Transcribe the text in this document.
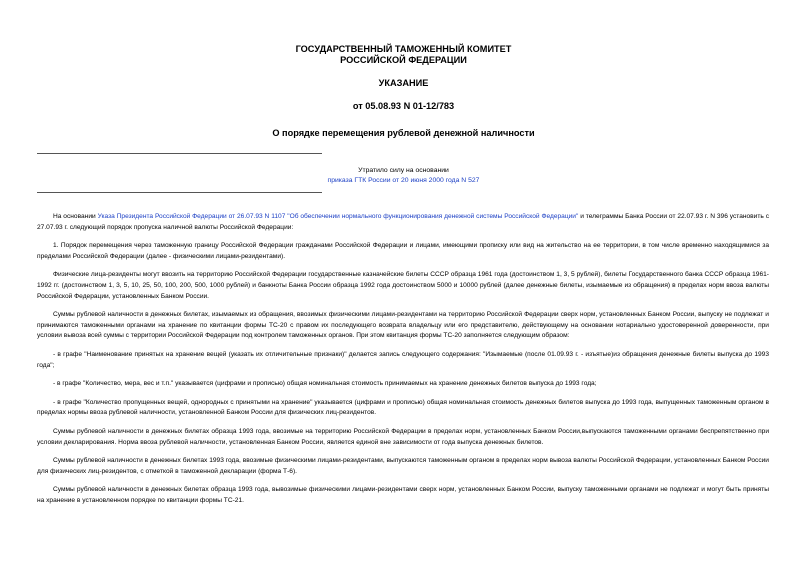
ГОСУДАРСТВЕННЫЙ ТАМОЖЕННЫЙ КОМИТЕТ
РОССИЙСКОЙ ФЕДЕРАЦИИ
УКАЗАНИЕ
от 05.08.93 N 01-12/783
О порядке перемещения рублевой денежной наличности
Утратило силу на основании
приказа ГТК России от 20 июня 2000 года N 527

На основании Указа Президента Российской Федерации от 26.07.93 N 1107 "Об обеспечении нормального функционирования денежной системы Российской Федерации" и телеграммы Банка России от 22.07.93 г. N 396 установить с 27.07.93 г. следующий порядок пропуска наличной валюты Российской Федерации:

1. Порядок перемещения через таможенную границу Российской Федерации гражданами Российской Федерации и лицами, имеющими прописку или вид на жительство на ее территории, в том числе временно находящимися за пределами Российской Федерации (далее - физическими лицами-резидентами).

Физические лица-резиденты могут ввозить на территорию Российской Федерации государственные казначейские билеты СССР образца 1961 года (достоинством 1, 3, 5 рублей), билеты Государственного банка СССР образца 1961-1992 гг. (достоинством 1, 3, 5, 10, 25, 50, 100, 200, 500, 1000 рублей) и банкноты Банка России образца 1992 года достоинством 5000 и 10000 рублей (далее денежные билеты, изымаемые из обращения) в пределах норм ввоза валюты Российской Федерации, установленных Банком России.

Суммы рублевой наличности в денежных билетах, изымаемых из обращения, ввозимых физическими лицами-резидентами на территорию Российской Федерации сверх норм, установленных Банком России, выпуску не подлежат и принимаются таможенными органами на хранение по квитанции формы ТС-20 с правом их последующего возврата владельцу или его представителю, действующему на основании нотариально удостоверенной доверенности, при условии вывоза всей суммы с территории Российской Федерации под контролем таможенных органов. При этом квитанция формы ТС-20 заполняется следующим образом:

- в графе "Наименование принятых на хранение вещей (указать их отличительные признаки)" делается запись следующего содержания: "Изымаемые (после 01.09.93 г. - изъятые)из обращения денежные билеты выпуска до 1993 года";

- в графе "Количество, мера, вес и т.п." указывается (цифрами и прописью) общая номинальная стоимость принимаемых на хранение денежных билетов выпуска до 1993 года;

- в графе "Количество пропущенных вещей, однородных с принятыми на хранение" указывается (цифрами и прописью) общая номинальная стоимость денежных билетов выпуска до 1993 года, выпущенных таможенным органом в пределах нормы ввоза рублевой наличности, установленной Банком России для физических лиц-резидентов.

Суммы рублевой наличности в денежных билетах образца 1993 года, ввозимые на территорию Российской Федерации в пределах норм, установленных Банком России,выпускаются таможенными органами беспрепятственно при условии декларирования. Норма ввоза рублевой наличности, установленная Банком России, является единой вне зависимости от года выпуска денежных билетов.

Суммы рублевой наличности в денежных билетах 1993 года, ввозимые физическими лицами-резидентами, выпускаются таможенным органом в пределах норм вывоза валюты Российской Федерации, установленных Банком России для физических лиц-резидентов, с отметкой в таможенной декларации (форма Т-6).

Суммы рублевой наличности в денежных билетах образца 1993 года, вывозимые физическими лицами-резидентами сверх норм, установленных Банком России, выпуску таможенными органами не подлежат и могут быть приняты на хранение в установленном порядке по квитанции формы ТС-21.
